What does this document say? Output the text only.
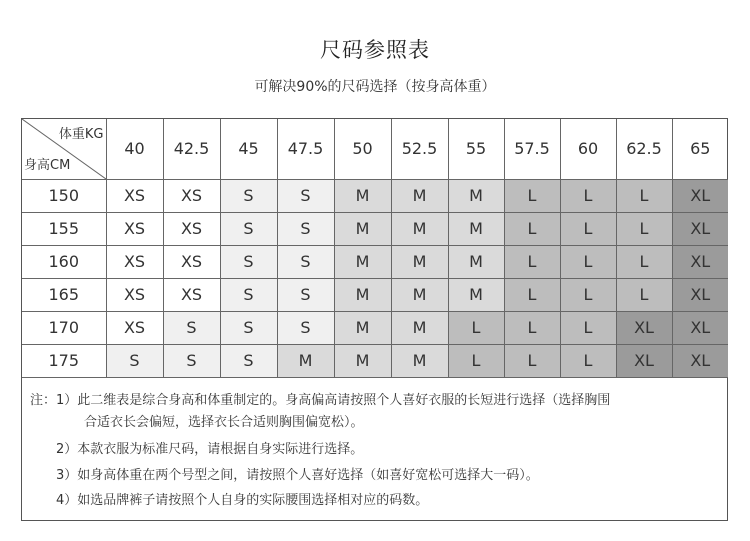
尺码参照表
可解决90%的尺码选择（按身高体重）
体重KG
身高CM	40	42.5	45	47.5	50	52.5	55	57.5	60	62.5	65
150	XS	XS	S	S	M	M	M	L	L	L	XL
155	XS	XS	S	S	M	M	M	L	L	L	XL
160	XS	XS	S	S	M	M	M	L	L	L	XL
165	XS	XS	S	S	M	M	M	L	L	L	XL
170	XS	S	S	S	M	M	L	L	L	XL	XL
175	S	S	S	M	M	M	L	L	L	XL	XL
注：1）此二维表是综合身高和体重制定的。身高偏高请按照个人喜好衣服的长短进行选择（选择胸围
合适衣长会偏短，选择衣长合适则胸围偏宽松）。
2）本款衣服为标准尺码，请根据自身实际进行选择。
3）如身高体重在两个号型之间，请按照个人喜好选择（如喜好宽松可选择大一码）。
4）如选品牌裤子请按照个人自身的实际腰围选择相对应的码数。
